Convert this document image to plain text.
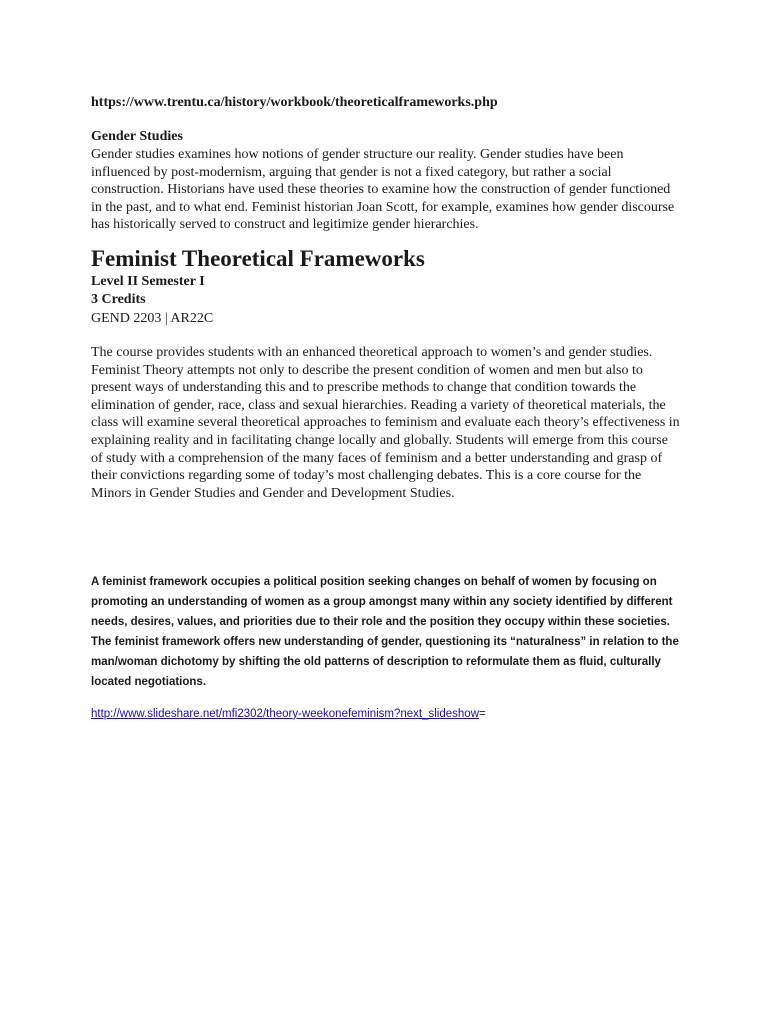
https://www.trentu.ca/history/workbook/theoreticalframeworks.php

Gender Studies

Gender studies examines how notions of gender structure our reality. Gender studies have been influenced by post-modernism, arguing that gender is not a fixed category, but rather a social construction. Historians have used these theories to examine how the construction of gender functioned in the past, and to what end. Feminist historian Joan Scott, for example, examines how gender discourse has historically served to construct and legitimize gender hierarchies.

Feminist Theoretical Frameworks

Level II Semester I

3 Credits

GEND 2203 | AR22C

The course provides students with an enhanced theoretical approach to women’s and gender studies. Feminist Theory attempts not only to describe the present condition of women and men but also to present ways of understanding this and to prescribe methods to change that condition towards the elimination of gender, race, class and sexual hierarchies. Reading a variety of theoretical materials, the class will examine several theoretical approaches to feminism and evaluate each theory’s effectiveness in explaining reality and in facilitating change locally and globally. Students will emerge from this course of study with a comprehension of the many faces of feminism and a better understanding and grasp of their convictions regarding some of today’s most challenging debates. This is a core course for the Minors in Gender Studies and Gender and Development Studies.

A feminist framework occupies a political position seeking changes on behalf of women by focusing on promoting an understanding of women as a group amongst many within any society identified by different needs, desires, values, and priorities due to their role and the position they occupy within these societies. The feminist framework offers new understanding of gender, questioning its “naturalness” in relation to the man/woman dichotomy by shifting the old patterns of description to reformulate them as fluid, culturally located negotiations.

http://www.slideshare.net/mfi2302/theory-weekonefeminism?next_slideshow=
